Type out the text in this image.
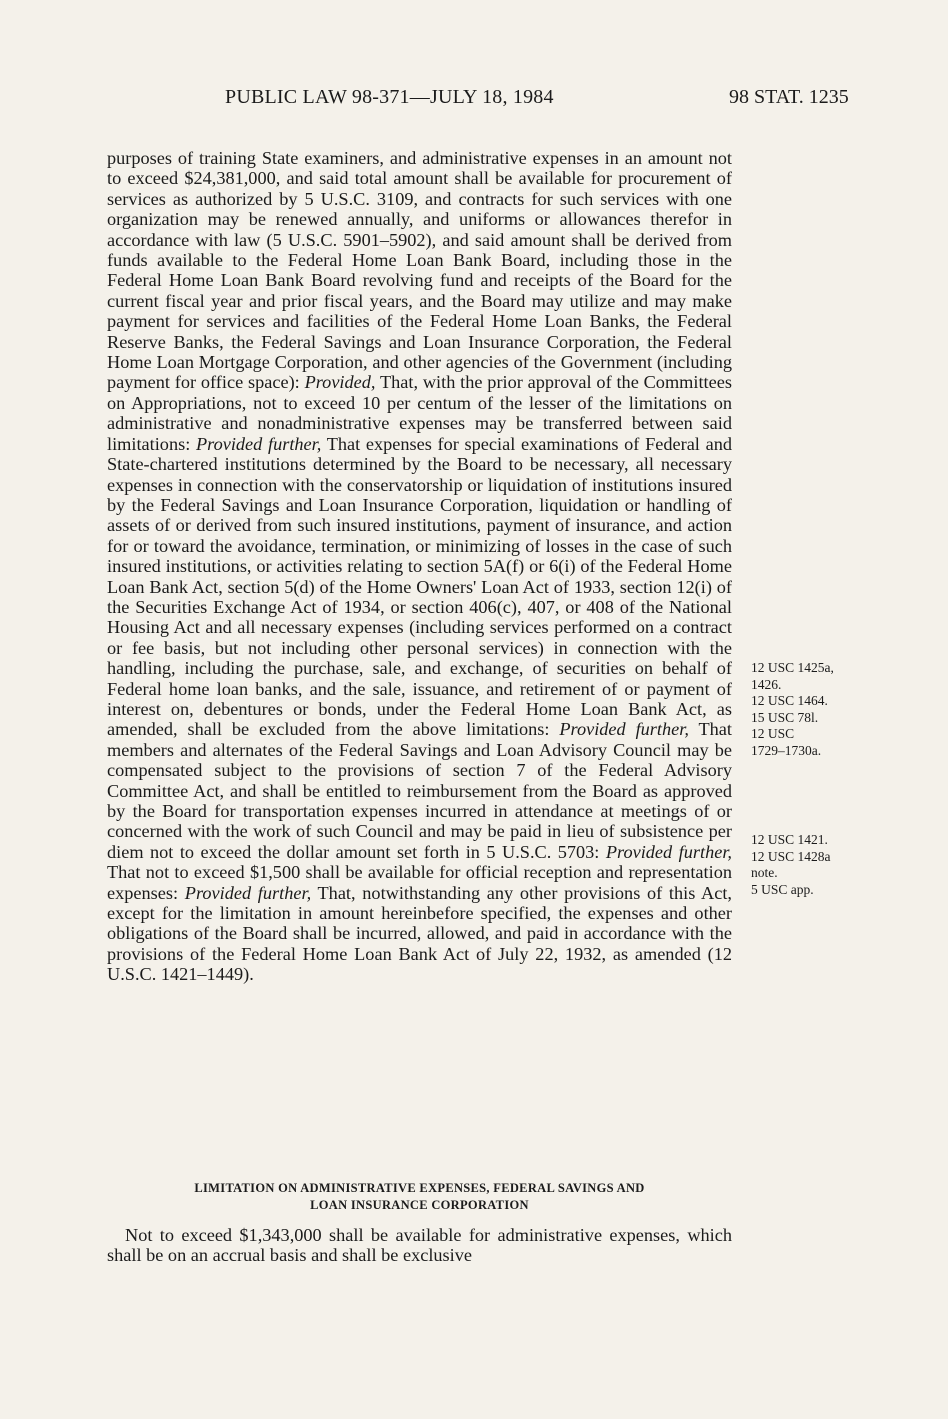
PUBLIC LAW 98-371—JULY 18, 1984	98 STAT. 1235

purposes of training State examiners, and administrative expenses in an amount not to exceed $24,381,000, and said total amount shall be available for procurement of services as authorized by 5 U.S.C. 3109, and contracts for such services with one organization may be renewed annually, and uniforms or allowances therefor in accordance with law (5 U.S.C. 5901–5902), and said amount shall be derived from funds available to the Federal Home Loan Bank Board, including those in the Federal Home Loan Bank Board revolving fund and receipts of the Board for the current fiscal year and prior fiscal years, and the Board may utilize and may make payment for services and facilities of the Federal Home Loan Banks, the Federal Reserve Banks, the Federal Savings and Loan Insurance Corporation, the Federal Home Loan Mortgage Corporation, and other agencies of the Government (including payment for office space): Provided, That, with the prior approval of the Committees on Appropriations, not to exceed 10 per centum of the lesser of the limitations on administrative and nonadministrative expenses may be transferred between said limitations: Provided further, That expenses for special examinations of Federal and State-chartered institutions determined by the Board to be necessary, all necessary expenses in connection with the conservatorship or liquidation of institutions insured by the Federal Savings and Loan Insurance Corporation, liquidation or handling of assets of or derived from such insured institutions, payment of insurance, and action for or toward the avoidance, termination, or minimizing of losses in the case of such insured institutions, or activities relating to section 5A(f) or 6(i) of the Federal Home Loan Bank Act, section 5(d) of the Home Owners' Loan Act of 1933, section 12(i) of the Securities Exchange Act of 1934, or section 406(c), 407, or 408 of the National Housing Act and all necessary expenses (including services performed on a contract or fee basis, but not including other personal services) in connection with the handling, including the purchase, sale, and exchange, of securities on behalf of Federal home loan banks, and the sale, issuance, and retirement of or payment of interest on, debentures or bonds, under the Federal Home Loan Bank Act, as amended, shall be excluded from the above limitations: Provided further, That members and alternates of the Federal Savings and Loan Advisory Council may be compensated subject to the provisions of section 7 of the Federal Advisory Committee Act, and shall be entitled to reimbursement from the Board as approved by the Board for transportation expenses incurred in attendance at meetings of or concerned with the work of such Council and may be paid in lieu of subsistence per diem not to exceed the dollar amount set forth in 5 U.S.C. 5703: Provided further, That not to exceed $1,500 shall be available for official reception and representation expenses: Provided further, That, notwithstanding any other provisions of this Act, except for the limitation in amount hereinbefore specified, the expenses and other obligations of the Board shall be incurred, allowed, and paid in accordance with the provisions of the Federal Home Loan Bank Act of July 22, 1932, as amended (12 U.S.C. 1421–1449).

LIMITATION ON ADMINISTRATIVE EXPENSES, FEDERAL SAVINGS AND
LOAN INSURANCE CORPORATION
Not to exceed $1,343,000 shall be available for administrative expenses, which shall be on an accrual basis and shall be exclusive

12 USC 1425a,

1426.

12 USC 1464.

15 USC 78l.

12 USC

1729–1730a.

12 USC 1421.

12 USC 1428a

note.

5 USC app.
